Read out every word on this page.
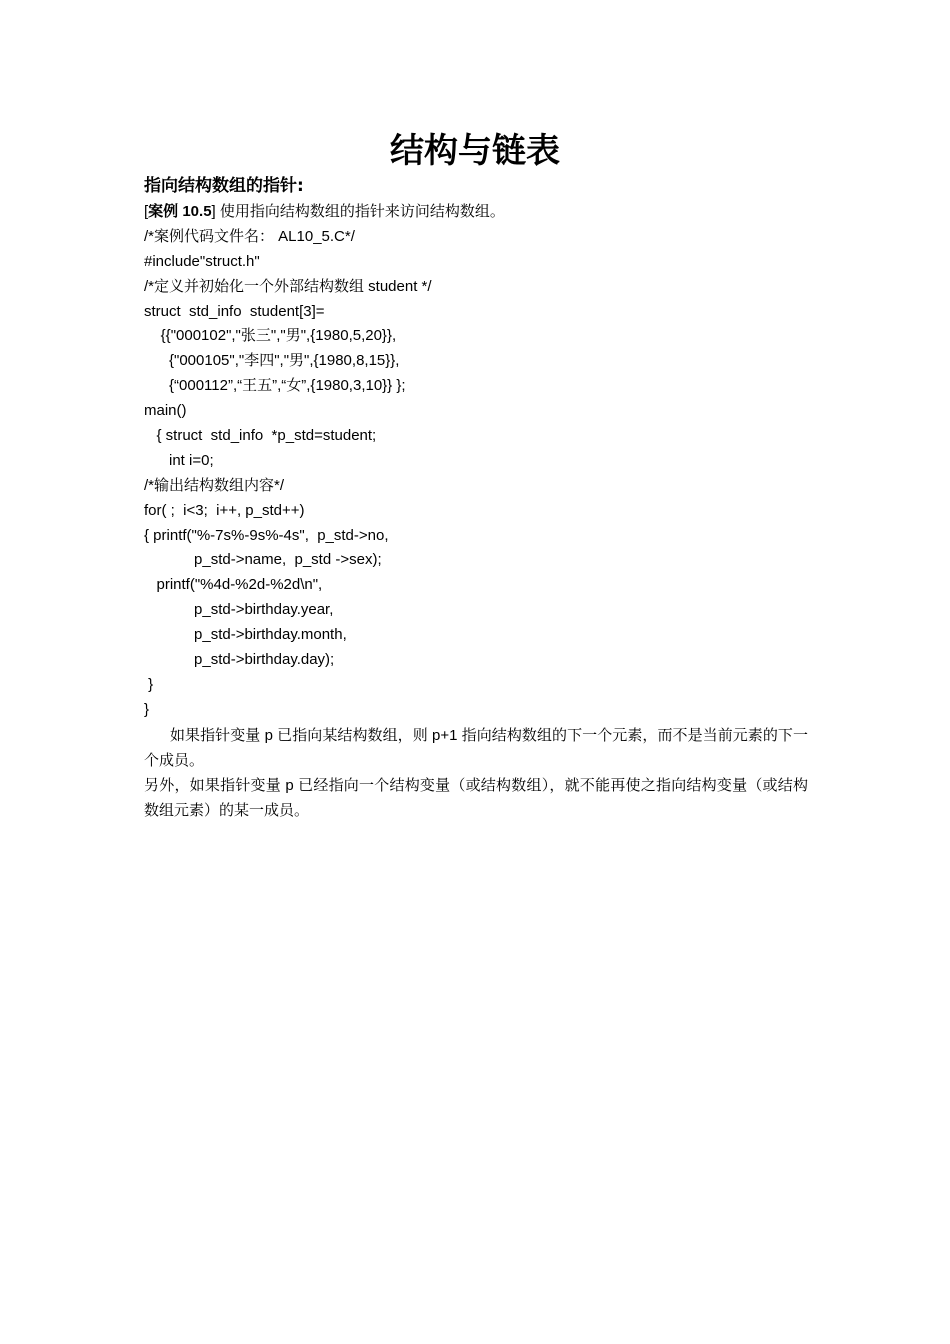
结构与链表
指向结构数组的指针:
[案例 10.5] 使用指向结构数组的指针来访问结构数组。
/*案例代码文件名： AL10_5.C*/
#include"struct.h"
/*定义并初始化一个外部结构数组 student */
struct  std_info  student[3]=
{{"000102","张三","男",{1980,5,20}},
{"000105","李四","男",{1980,8,15}},
{“000112”,“王五”,“女”,{1980,3,10}} };
main()
{ struct  std_info  *p_std=student;
int i=0;
/*输出结构数组内容*/
for( ;  i<3;  i++, p_std++)
{ printf("%-7s%-9s%-4s",  p_std->no,
p_std->name,  p_std ->sex);
printf("%4d-%2d-%2d\n",
p_std->birthday.year,
p_std->birthday.month,
p_std->birthday.day);
}
}
如果指针变量 p 已指向某结构数组，则 p+1 指向结构数组的下一个元素，而不是当前元素的下一个成员。
另外，如果指针变量 p 已经指向一个结构变量（或结构数组），就不能再使之指向结构变量（或结构数组元素）的某一成员。
